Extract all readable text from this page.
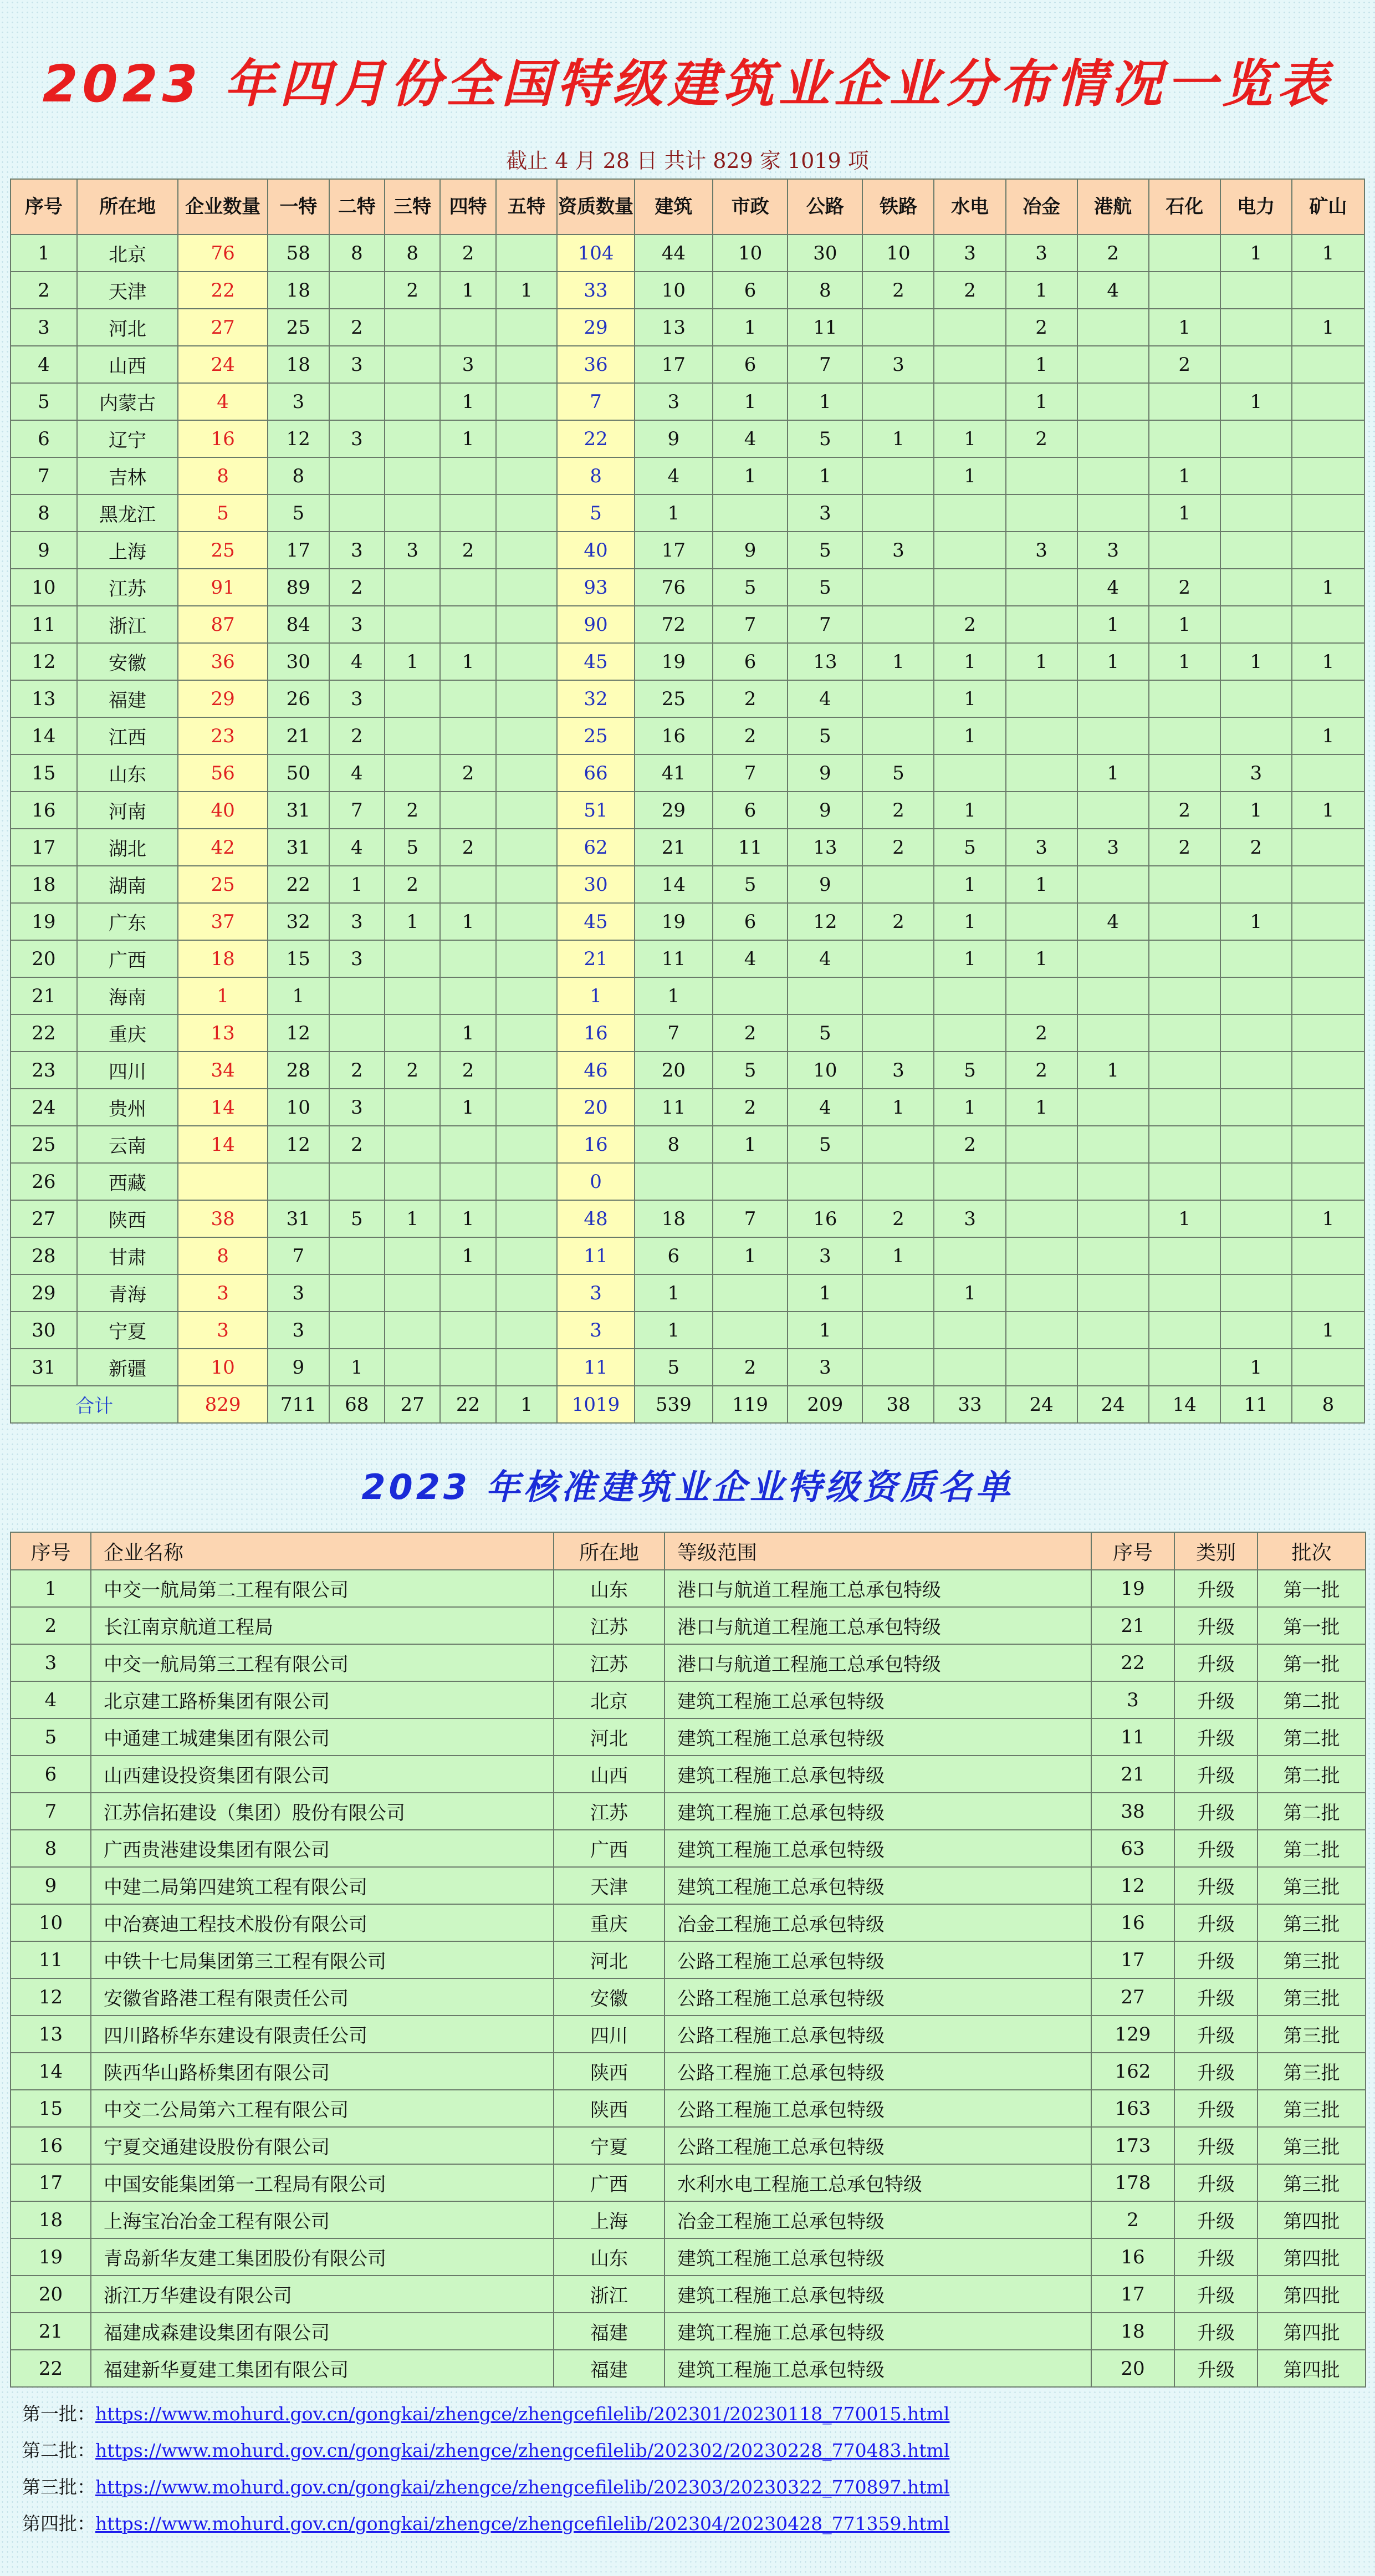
2023 年四月份全国特级建筑业企业分布情况一览表
截止 4 月 28 日 共计 829 家 1019 项
序号	所在地	企业数量	一特	二特	三特	四特	五特	资质数量	建筑	市政	公路	铁路	水电	冶金	港航	石化	电力	矿山
1	北京	76	58	8	8	2		104	44	10	30	10	3	3	2		1	1
2	天津	22	18		2	1	1	33	10	6	8	2	2	1	4			
3	河北	27	25	2				29	13	1	11			2		1		1
4	山西	24	18	3		3		36	17	6	7	3		1		2		
5	内蒙古	4	3			1		7	3	1	1			1			1	
6	辽宁	16	12	3		1		22	9	4	5	1	1	2				
7	吉林	8	8					8	4	1	1		1			1		
8	黑龙江	5	5					5	1		3					1		
9	上海	25	17	3	3	2		40	17	9	5	3		3	3			
10	江苏	91	89	2				93	76	5	5				4	2		1
11	浙江	87	84	3				90	72	7	7		2		1	1		
12	安徽	36	30	4	1	1		45	19	6	13	1	1	1	1	1	1	1
13	福建	29	26	3				32	25	2	4		1					
14	江西	23	21	2				25	16	2	5		1					1
15	山东	56	50	4		2		66	41	7	9	5			1		3	
16	河南	40	31	7	2			51	29	6	9	2	1			2	1	1
17	湖北	42	31	4	5	2		62	21	11	13	2	5	3	3	2	2	
18	湖南	25	22	1	2			30	14	5	9		1	1				
19	广东	37	32	3	1	1		45	19	6	12	2	1		4		1	
20	广西	18	15	3				21	11	4	4		1	1				
21	海南	1	1					1	1									
22	重庆	13	12			1		16	7	2	5			2				
23	四川	34	28	2	2	2		46	20	5	10	3	5	2	1			
24	贵州	14	10	3		1		20	11	2	4	1	1	1				
25	云南	14	12	2				16	8	1	5		2					
26	西藏							0										
27	陕西	38	31	5	1	1		48	18	7	16	2	3			1		1
28	甘肃	8	7			1		11	6	1	3	1						
29	青海	3	3					3	1		1		1					
30	宁夏	3	3					3	1		1							1
31	新疆	10	9	1				11	5	2	3						1	
合计		829	711	68	27	22	1	1019	539	119	209	38	33	24	24	14	11	8
2023 年核准建筑业企业特级资质名单
序号	企业名称	所在地	等级范围	序号	类别	批次
1	中交一航局第二工程有限公司	山东	港口与航道工程施工总承包特级	19	升级	第一批
2	长江南京航道工程局	江苏	港口与航道工程施工总承包特级	21	升级	第一批
3	中交一航局第三工程有限公司	江苏	港口与航道工程施工总承包特级	22	升级	第一批
4	北京建工路桥集团有限公司	北京	建筑工程施工总承包特级	3	升级	第二批
5	中通建工城建集团有限公司	河北	建筑工程施工总承包特级	11	升级	第二批
6	山西建设投资集团有限公司	山西	建筑工程施工总承包特级	21	升级	第二批
7	江苏信拓建设（集团）股份有限公司	江苏	建筑工程施工总承包特级	38	升级	第二批
8	广西贵港建设集团有限公司	广西	建筑工程施工总承包特级	63	升级	第二批
9	中建二局第四建筑工程有限公司	天津	建筑工程施工总承包特级	12	升级	第三批
10	中冶赛迪工程技术股份有限公司	重庆	冶金工程施工总承包特级	16	升级	第三批
11	中铁十七局集团第三工程有限公司	河北	公路工程施工总承包特级	17	升级	第三批
12	安徽省路港工程有限责任公司	安徽	公路工程施工总承包特级	27	升级	第三批
13	四川路桥华东建设有限责任公司	四川	公路工程施工总承包特级	129	升级	第三批
14	陕西华山路桥集团有限公司	陕西	公路工程施工总承包特级	162	升级	第三批
15	中交二公局第六工程有限公司	陕西	公路工程施工总承包特级	163	升级	第三批
16	宁夏交通建设股份有限公司	宁夏	公路工程施工总承包特级	173	升级	第三批
17	中国安能集团第一工程局有限公司	广西	水利水电工程施工总承包特级	178	升级	第三批
18	上海宝冶冶金工程有限公司	上海	冶金工程施工总承包特级	2	升级	第四批
19	青岛新华友建工集团股份有限公司	山东	建筑工程施工总承包特级	16	升级	第四批
20	浙江万华建设有限公司	浙江	建筑工程施工总承包特级	17	升级	第四批
21	福建成森建设集团有限公司	福建	建筑工程施工总承包特级	18	升级	第四批
22	福建新华夏建工集团有限公司	福建	建筑工程施工总承包特级	20	升级	第四批
第一批：https://www.mohurd.gov.cn/gongkai/zhengce/zhengcefilelib/202301/20230118_770015.html
第二批：https://www.mohurd.gov.cn/gongkai/zhengce/zhengcefilelib/202302/20230228_770483.html
第三批：https://www.mohurd.gov.cn/gongkai/zhengce/zhengcefilelib/202303/20230322_770897.html
第四批：https://www.mohurd.gov.cn/gongkai/zhengce/zhengcefilelib/202304/20230428_771359.html
